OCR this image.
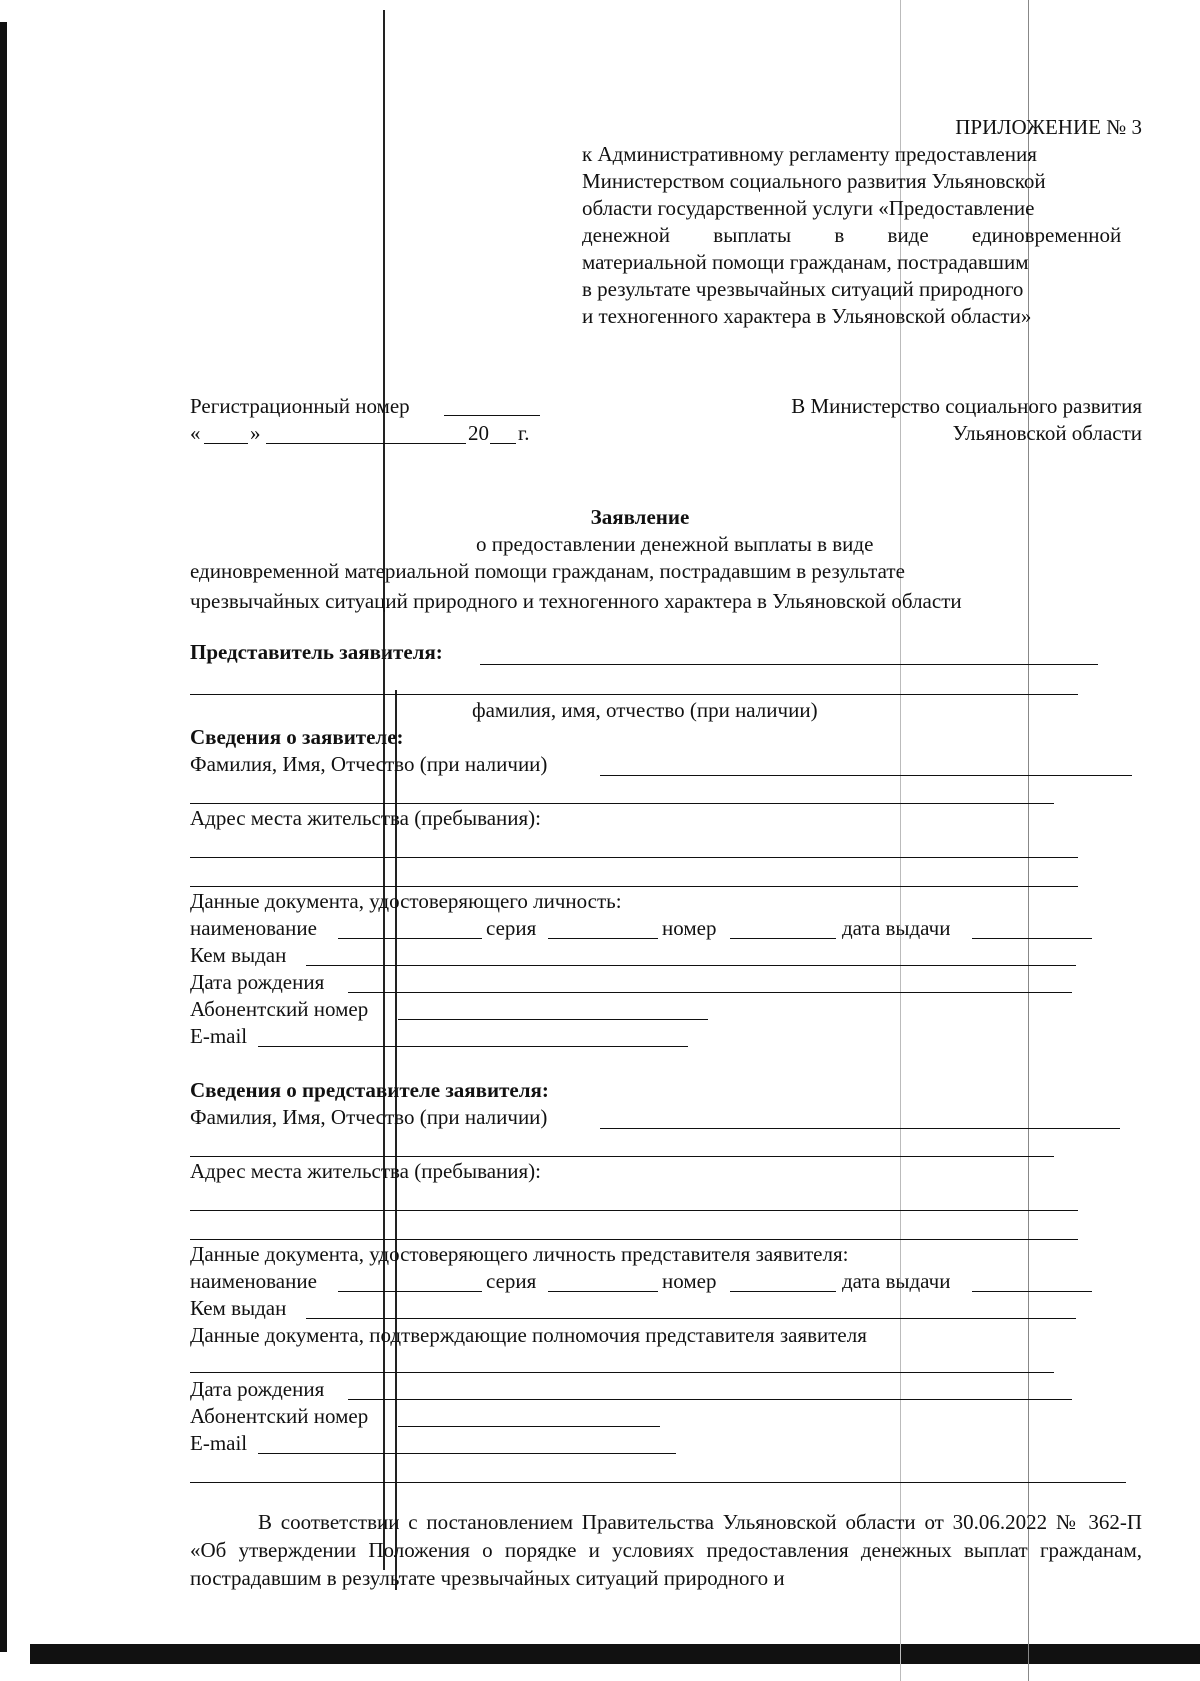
ПРИЛОЖЕНИЕ № 3
к Административному регламенту предоставления
Министерством социального развития Ульяновской
области государственной услуги «Предоставление
денежной выплаты в виде единовременной
материальной помощи гражданам, пострадавшим
в результате чрезвычайных ситуаций природного
и техногенного характера в Ульяновской области»
Регистрационный номер
« »	20 г.
В Министерство социального развития
Ульяновской области
Заявление
о предоставлении денежной выплаты в виде
единовременной материальной помощи гражданам, пострадавшим в результате
чрезвычайных ситуаций природного и техногенного характера в Ульяновской области
Представитель заявителя:
фамилия, имя, отчество (при наличии)
Сведения о заявителе:
Фамилия, Имя, Отчество (при наличии)
Адрес места жительства (пребывания):
Данные документа, удостоверяющего личность:
наименование	серия	номер	дата выдачи
Кем выдан
Дата рождения
Абонентский номер
E-mail
Сведения о представителе заявителя:
Фамилия, Имя, Отчество (при наличии)
Адрес места жительства (пребывания):
Данные документа, удостоверяющего личность представителя заявителя:
наименование	серия	номер	дата выдачи
Кем выдан
Данные документа, подтверждающие полномочия представителя заявителя
Дата рождения
Абонентский номер
E-mail

В соответствии с постановлением Правительства Ульяновской области от 30.06.2022 № 362-П «Об утверждении Положения о порядке и условиях предоставления денежных выплат гражданам, пострадавшим в результате чрезвычайных ситуаций природного и
